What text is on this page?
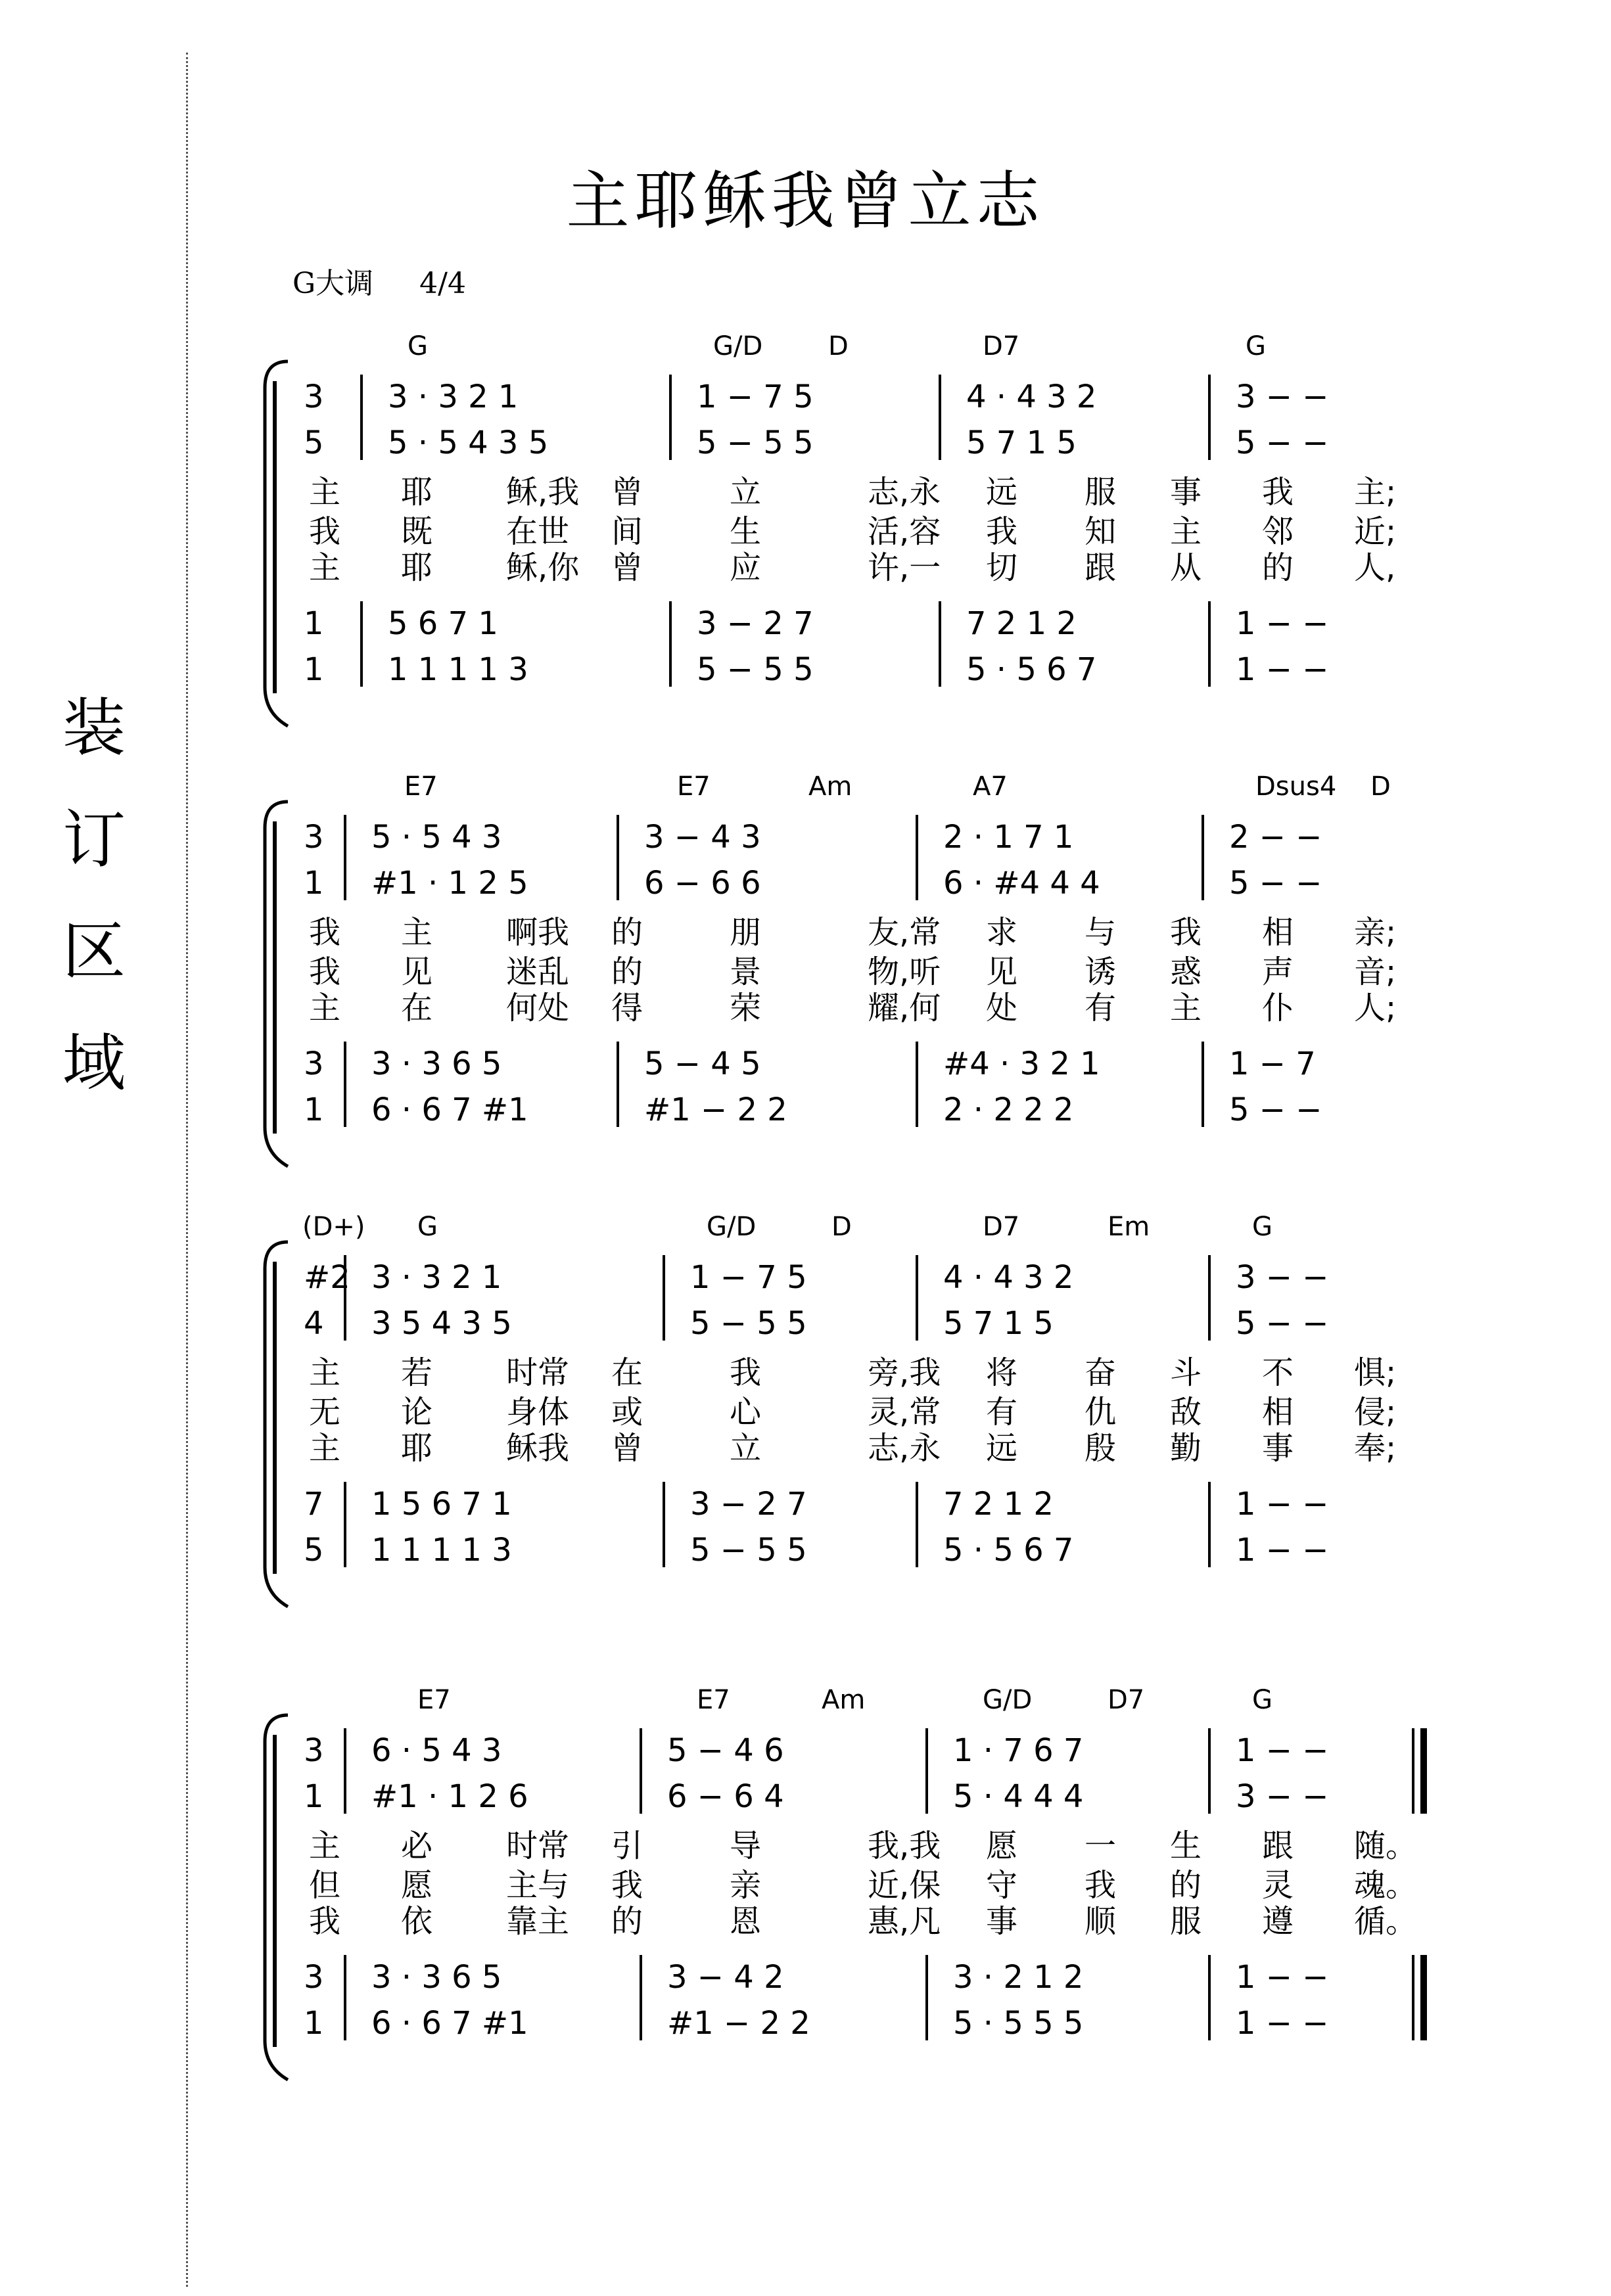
装
订
区
域
主耶稣我曾立志
G大调 4/4
G	G/D D	D7	G
3 3 · 3 2 1	1 − 7 5	4 · 4 3 2	3 − −
5 5 · 5 4 3 5	5 − 5 5	5 7 1 5	5 − −
1 5 6 7 1	3 − 2 7	7 2 1 2	1 − −
1 1 1 1 1 3	5 − 5 5	5 · 5 6 7	1 − −
主 耶 稣,我 曾	立	志,永 远 服 事 我 主;
我 既 在世 间	生	活,容 我 知 主 邻 近;
主 耶 稣,你 曾	应	许,一 切 跟 从 的 人,
E7	E7	Am	A7	Dsus4 D
3 5 · 5 4 3	3 − 4 3	2 · 1 7 1	2 − −
1 #1 · 1 2 5	6 − 6 6	6 · #4 4 4	5 − −
3 3 · 3 6 5	5 − 4 5	#4 · 3 2 1	1 − 7
1 6 · 6 7 #1	#1 − 2 2	2 · 2 2 2	5 − −
我 主 啊我 的	朋	友,常 求 与 我 相 亲;
我 见 迷乱 的	景	物,听 见 诱 惑 声 音;
主 在 何处 得	荣	耀,何 处 有 主 仆 人;
(D+) G	G/D	D	D7	Em	G
#2 3 · 3 2 1	1 − 7 5	4 · 4 3 2	3 − −
4 3 5 4 3 5	5 − 5 5	5 7 1 5	5 − −
7 1 5 6 7 1	3 − 2 7	7 2 1 2	1 − −
5 1 1 1 1 3	5 − 5 5	5 · 5 6 7	1 − −
主 若 时常 在	我	旁,我 将 奋 斗 不 惧;
无 论 身体 或	心	灵,常 有 仇 敌 相 侵;
主 耶 稣我 曾	立	志,永 远 殷 勤 事 奉;
E7	E7	Am	G/D	D7	G
3 6 · 5 4 3	5 − 4 6	1 · 7 6 7	1 − −
1 #1 · 1 2 6	6 − 6 4	5 · 4 4 4	3 − −
3 3 · 3 6 5	3 − 4 2	3 · 2 1 2	1 − −
1 6 · 6 7 #1	#1 − 2 2	5 · 5 5 5	1 − −
主 必 时常 引	导	我,我 愿 一 生 跟 随。
但 愿 主与 我	亲	近,保 守 我 的 灵 魂。
我 依 靠主 的	恩	惠,凡 事 顺 服 遵 循。
